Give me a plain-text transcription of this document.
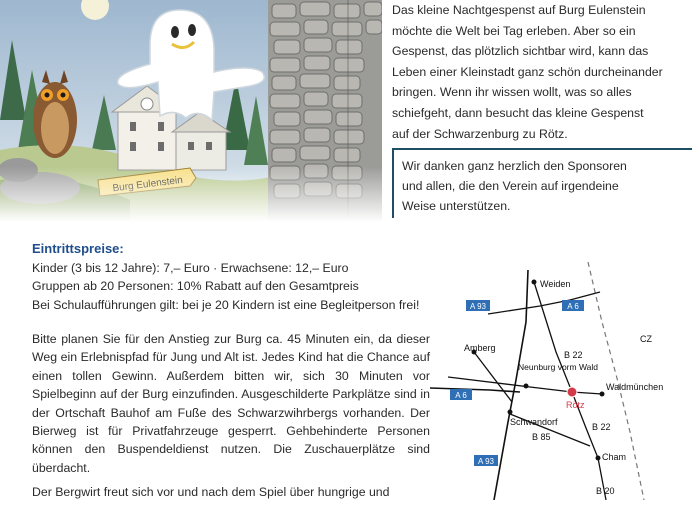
Das kleine Nachtgespenst auf Burg Eulenstein

möchte die Welt bei Tag erleben. Aber so ein

Gespenst, das plötzlich sichtbar wird, kann das

Leben einer Kleinstadt ganz schön durcheinander

bringen. Wenn ihr wissen wollt, was so alles

schiefgeht, dann besucht das kleine Gespenst

auf der Schwarzenburg zu Rötz.

Wir danken ganz herzlich den Sponsoren
und allen, die den Verein auf irgendeine
Weise unterstützen.
Eintrittspreise:
Kinder (3 bis 12 Jahre): 7,– Euro · Erwachsene: 12,– Euro
Gruppen ab 20 Personen: 10% Rabatt auf den Gesamtpreis
Bei Schulaufführungen gilt: bei je 20 Kindern ist eine Begleitperson frei!

Bitte planen Sie für den Anstieg zur Burg ca. 45 Minuten ein, da dieser Weg ein Erlebnispfad für Jung und Alt ist. Jedes Kind hat die Chance auf einen tollen Gewinn. Außerdem bitten wir, sich 30 Minuten vor Spielbeginn auf der Burg einzufinden. Ausgeschilderte Parkplätze sind in der Ortschaft Bauhof am Fuße des Schwarzwihrbergs vorhanden. Der Bierweg ist für Privatfahrzeuge gesperrt. Gehbehinderte Personen können den Buspendeldienst nutzen. Die Zuschauerplätze sind überdacht.

Der Bergwirt freut sich vor und nach dem Spiel über hungrige und

A 93	A 6
A 6
A 93
Weiden
Amberg
Neunburg vorm Wald
Schwandorf
Waldmünchen
Rötz
Cham
CZ
B 22
B 22
B 85
B 20
